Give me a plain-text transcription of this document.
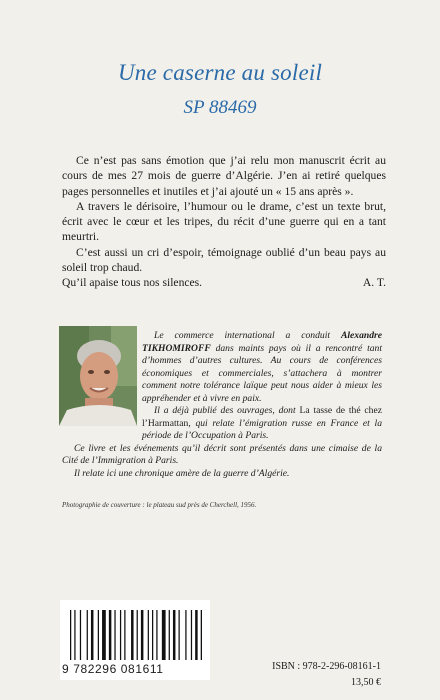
Une caserne au soleil
SP 88469

Ce n’est pas sans émotion que j’ai relu mon manuscrit écrit au cours de mes 27 mois de guerre d’Algérie. J’en ai retiré quelques pages personnelles et inutiles et j’ai ajouté un « 15 ans après ».

A travers le dérisoire, l’humour ou le drame, c’est un texte brut, écrit avec le cœur et les tripes, du récit d’une guerre qui en a tant meurtri.

C’est aussi un cri d’espoir, témoignage oublié d’un beau pays au soleil trop chaud.

Qu’il apaise tous nos silences.	A. T.

Le commerce international a conduit Alexandre TIKHOMIROFF dans maints pays où il a rencontré tant d’hommes d’autres cultures. Au cours de conférences économiques et commerciales, s’attachera à montrer comment notre tolérance laïque peut nous aider à mieux les appréhender et à vivre en paix.

Il a déjà publié des ouvrages, dont La tasse de thé chez l’Harmattan, qui relate l’émigration russe en France et la période de l’Occupation à Paris.

Ce livre et les événements qu’il décrit sont présentés dans une cimaise de la Cité de l’Immigration à Paris.

Il relate ici une chronique amère de la guerre d’Algérie.

Photographie de couverture : le plateau sud près de Cherchell, 1956.
9 782296 081611	ISBN : 978-2-296-08161-1
13,50 €
